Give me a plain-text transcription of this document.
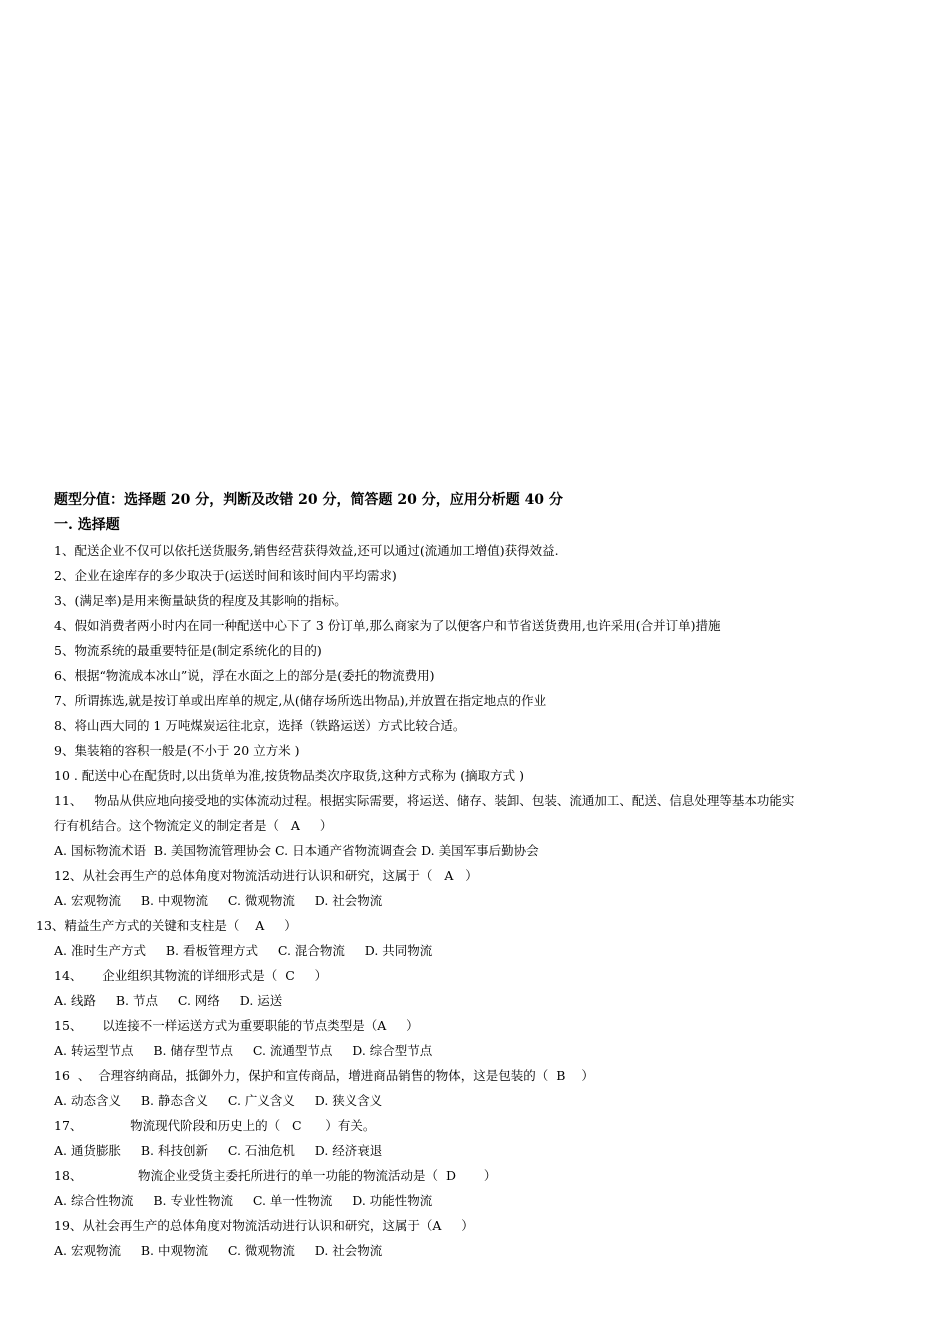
题型分值：选择题 20 分，判断及改错 20 分，简答题 20 分，应用分析题 40 分
一. 选择题
1、配送企业不仅可以依托送货服务,销售经营获得效益,还可以通过(流通加工增值)获得效益.
2、企业在途库存的多少取决于(运送时间和该时间内平均需求)
3、(满足率)是用来衡量缺货的程度及其影响的指标。
4、假如消费者两小时内在同一种配送中心下了 3 份订单,那么商家为了以便客户和节省送货费用,也许采用(合并订单)措施
5、物流系统的最重要特征是(制定系统化的目的)
6、根据“物流成本冰山”说，浮在水面之上的部分是(委托的物流费用)
7、所谓拣选,就是按订单或出库单的规定,从(储存场所选出物品),并放置在指定地点的作业
8、将山西大同的 1 万吨煤炭运往北京，选择（铁路运送）方式比较合适。
9、集装箱的容积一般是(不小于 20 立方米 )
10 . 配送中心在配货时,以出货单为准,按货物品类次序取货,这种方式称为 (摘取方式 )
11、   物品从供应地向接受地的实体流动过程。根据实际需要，将运送、储存、装卸、包装、流通加工、配送、信息处理等基本功能实
行有机结合。这个物流定义的制定者是（   A     ）
A. 国标物流术语  B. 美国物流管理协会 C. 日本通产省物流调查会 D. 美国军事后勤协会
12、从社会再生产的总体角度对物流活动进行认识和研究，这属于（   A   ）
A. 宏观物流     B. 中观物流     C. 微观物流     D. 社会物流
13、精益生产方式的关键和支柱是（    A     ）
A. 准时生产方式     B. 看板管理方式     C. 混合物流     D. 共同物流
14、     企业组织其物流的详细形式是（  C     ）
A. 线路     B. 节点     C. 网络     D. 运送
15、     以连接不一样运送方式为重要职能的节点类型是（A     ）
A. 转运型节点     B. 储存型节点     C. 流通型节点     D. 综合型节点
16  、  合理容纳商品，抵御外力，保护和宣传商品，增进商品销售的物体，这是包装的（  B    ）
A. 动态含义     B. 静态含义     C. 广义含义     D. 狭义含义
17、            物流现代阶段和历史上的（   C      ）有关。
A. 通货膨胀     B. 科技创新     C. 石油危机     D. 经济衰退
18、              物流企业受货主委托所进行的单一功能的物流活动是（  D       ）
A. 综合性物流     B. 专业性物流     C. 单一性物流     D. 功能性物流
19、从社会再生产的总体角度对物流活动进行认识和研究，这属于（A     ）
A. 宏观物流     B. 中观物流     C. 微观物流     D. 社会物流
